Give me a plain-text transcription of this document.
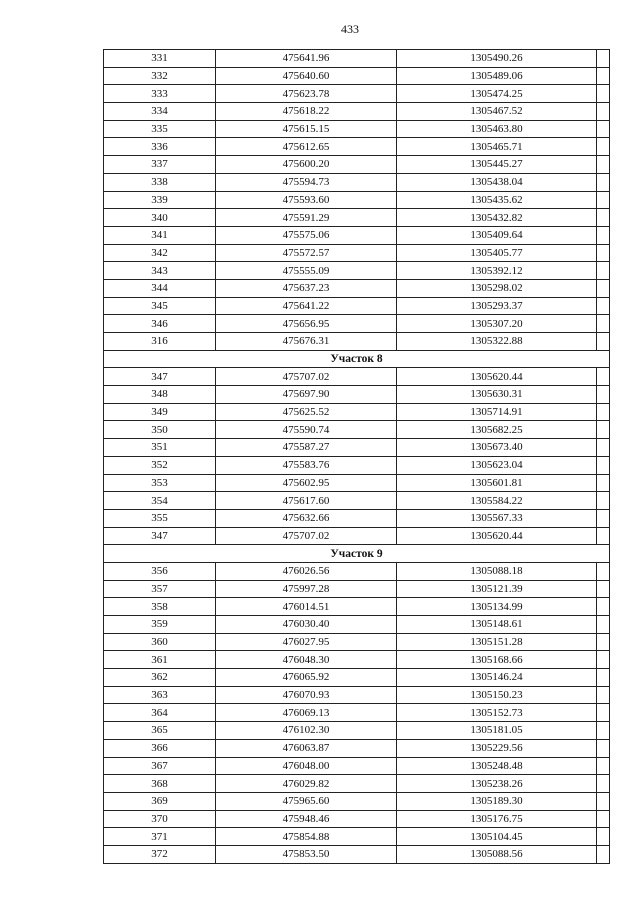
433
331	475641.96	1305490.26	
332	475640.60	1305489.06	
333	475623.78	1305474.25	
334	475618.22	1305467.52	
335	475615.15	1305463.80	
336	475612.65	1305465.71	
337	475600.20	1305445.27	
338	475594.73	1305438.04	
339	475593.60	1305435.62	
340	475591.29	1305432.82	
341	475575.06	1305409.64	
342	475572.57	1305405.77	
343	475555.09	1305392.12	
344	475637.23	1305298.02	
345	475641.22	1305293.37	
346	475656.95	1305307.20	
316	475676.31	1305322.88	
Участок 8			
347	475707.02	1305620.44	
348	475697.90	1305630.31	
349	475625.52	1305714.91	
350	475590.74	1305682.25	
351	475587.27	1305673.40	
352	475583.76	1305623.04	
353	475602.95	1305601.81	
354	475617.60	1305584.22	
355	475632.66	1305567.33	
347	475707.02	1305620.44	
Участок 9			
356	476026.56	1305088.18	
357	475997.28	1305121.39	
358	476014.51	1305134.99	
359	476030.40	1305148.61	
360	476027.95	1305151.28	
361	476048.30	1305168.66	
362	476065.92	1305146.24	
363	476070.93	1305150.23	
364	476069.13	1305152.73	
365	476102.30	1305181.05	
366	476063.87	1305229.56	
367	476048.00	1305248.48	
368	476029.82	1305238.26	
369	475965.60	1305189.30	
370	475948.46	1305176.75	
371	475854.88	1305104.45	
372	475853.50	1305088.56	
